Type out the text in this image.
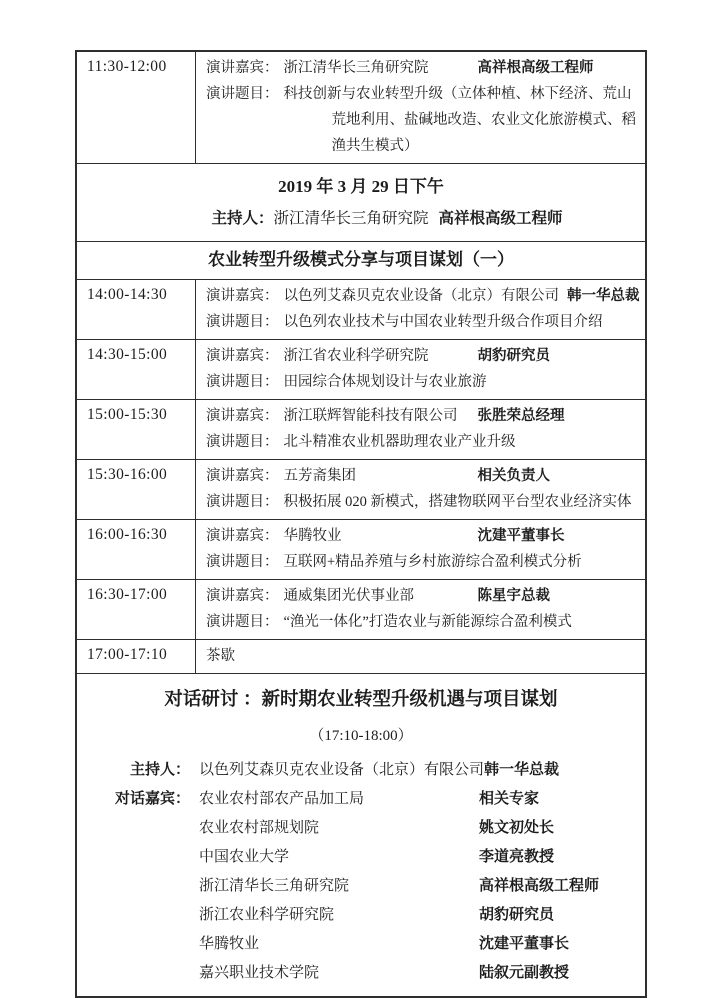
11:30-12:00	演讲嘉宾： 浙江清华长三角研究院	高祥根高级工程师
演讲题目： 科技创新与农业转型升级（立体种植、林下经济、荒山荒地利用、盐碱地改造、农业文化旅游模式、稻渔共生模式）
2019 年 3 月 29 日下午
主持人：浙江清华长三角研究院 高祥根高级工程师
农业转型升级模式分享与项目谋划（一）
14:00-14:30	演讲嘉宾： 以色列艾森贝克农业设备（北京）有限公司 韩一华总裁
演讲题目： 以色列农业技术与中国农业转型升级合作项目介绍
14:30-15:00	演讲嘉宾： 浙江省农业科学研究院	胡豹研究员
演讲题目： 田园综合体规划设计与农业旅游
15:00-15:30	演讲嘉宾： 浙江联辉智能科技有限公司 张胜荣总经理
演讲题目： 北斗精准农业机器助理农业产业升级
15:30-16:00	演讲嘉宾： 五芳斋集团	相关负责人
演讲题目： 积极拓展 020 新模式，搭建物联网平台型农业经济实体
16:00-16:30	演讲嘉宾： 华腾牧业	沈建平董事长
演讲题目： 互联网+精品养殖与乡村旅游综合盈利模式分析
16:30-17:00	演讲嘉宾： 通威集团光伏事业部	陈星宇总裁
演讲题目： “渔光一体化”打造农业与新能源综合盈利模式
17:00-17:10	茶歇
对话研讨 ：新时期农业转型升级机遇与项目谋划
（17:10-18:00）
主持人： 以色列艾森贝克农业设备（北京）有限公司 韩一华总裁
对话嘉宾： 农业农村部农产品加工局	相关专家
农业农村部规划院	姚文初处长
中国农业大学	李道亮教授
浙江清华长三角研究院	高祥根高级工程师
浙江农业科学研究院	胡豹研究员
华腾牧业	沈建平董事长
嘉兴职业技术学院	陆叙元副教授
